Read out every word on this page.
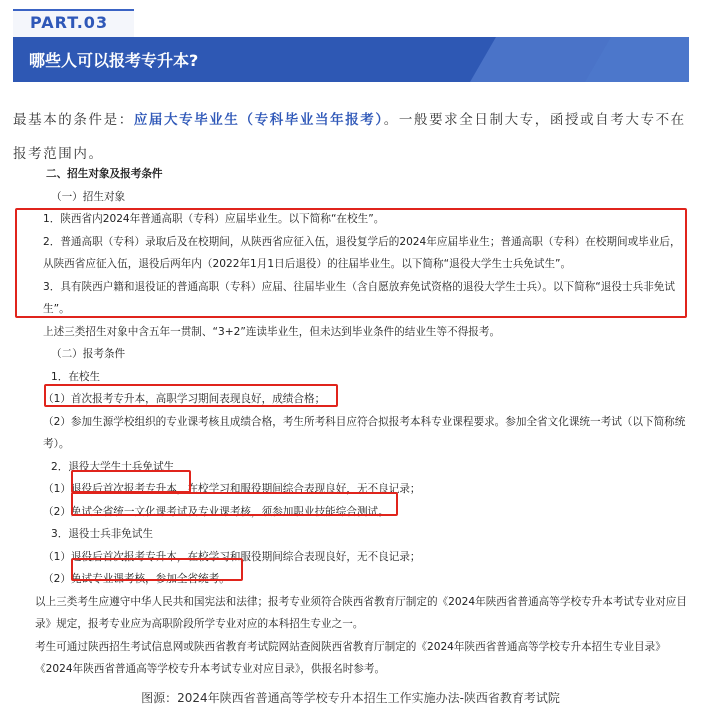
PART.03
哪些人可以报考专升本?
最基本的条件是：应届大专毕业生（专科毕业当年报考）。一般要求全日制大专，函授或自考大专不在报考范围内。

二、招生对象及报考条件

（一）招生对象

1．陕西省内2024年普通高职（专科）应届毕业生。以下简称“在校生”。

2．普通高职（专科）录取后及在校期间，从陕西省应征入伍，退役复学后的2024年应届毕业生；普通高职（专科）在校期间或毕业后，从陕西省应征入伍，退役后两年内（2022年1月1日后退役）的往届毕业生。以下简称“退役大学生士兵免试生”。

3．具有陕西户籍和退役证的普通高职（专科）应届、往届毕业生（含自愿放弃免试资格的退役大学生士兵）。以下简称“退役士兵非免试生”。

上述三类招生对象中含五年一贯制、“3+2”连读毕业生，但未达到毕业条件的结业生等不得报考。

（二）报考条件

1．在校生

（1）首次报考专升本，高职学习期间表现良好，成绩合格；

（2）参加生源学校组织的专业课考核且成绩合格，考生所考科目应符合拟报考本科专业课程要求。参加全省文化课统一考试（以下简称统考）。

2．退役大学生士兵免试生

（1）退役后首次报考专升本，在校学习和服役期间综合表现良好，无不良记录；

（2）免试全省统一文化课考试及专业课考核，须参加职业技能综合测试。

3．退役士兵非免试生

（1）退役后首次报考专升本，在校学习和服役期间综合表现良好，无不良记录；

（2）免试专业课考核，参加全省统考。

以上三类考生应遵守中华人民共和国宪法和法律；报考专业须符合陕西省教育厅制定的《2024年陕西省普通高等学校专升本考试专业对应目录》规定，报考专业应为高职阶段所学专业对应的本科招生专业之一。

考生可通过陕西招生考试信息网或陕西省教育考试院网站查阅陕西省教育厅制定的《2024年陕西省普通高等学校专升本招生专业目录》《2024年陕西省普通高等学校专升本考试专业对应目录》，供报名时参考。

图源：2024年陕西省普通高等学校专升本招生工作实施办法-陕西省教育考试院
